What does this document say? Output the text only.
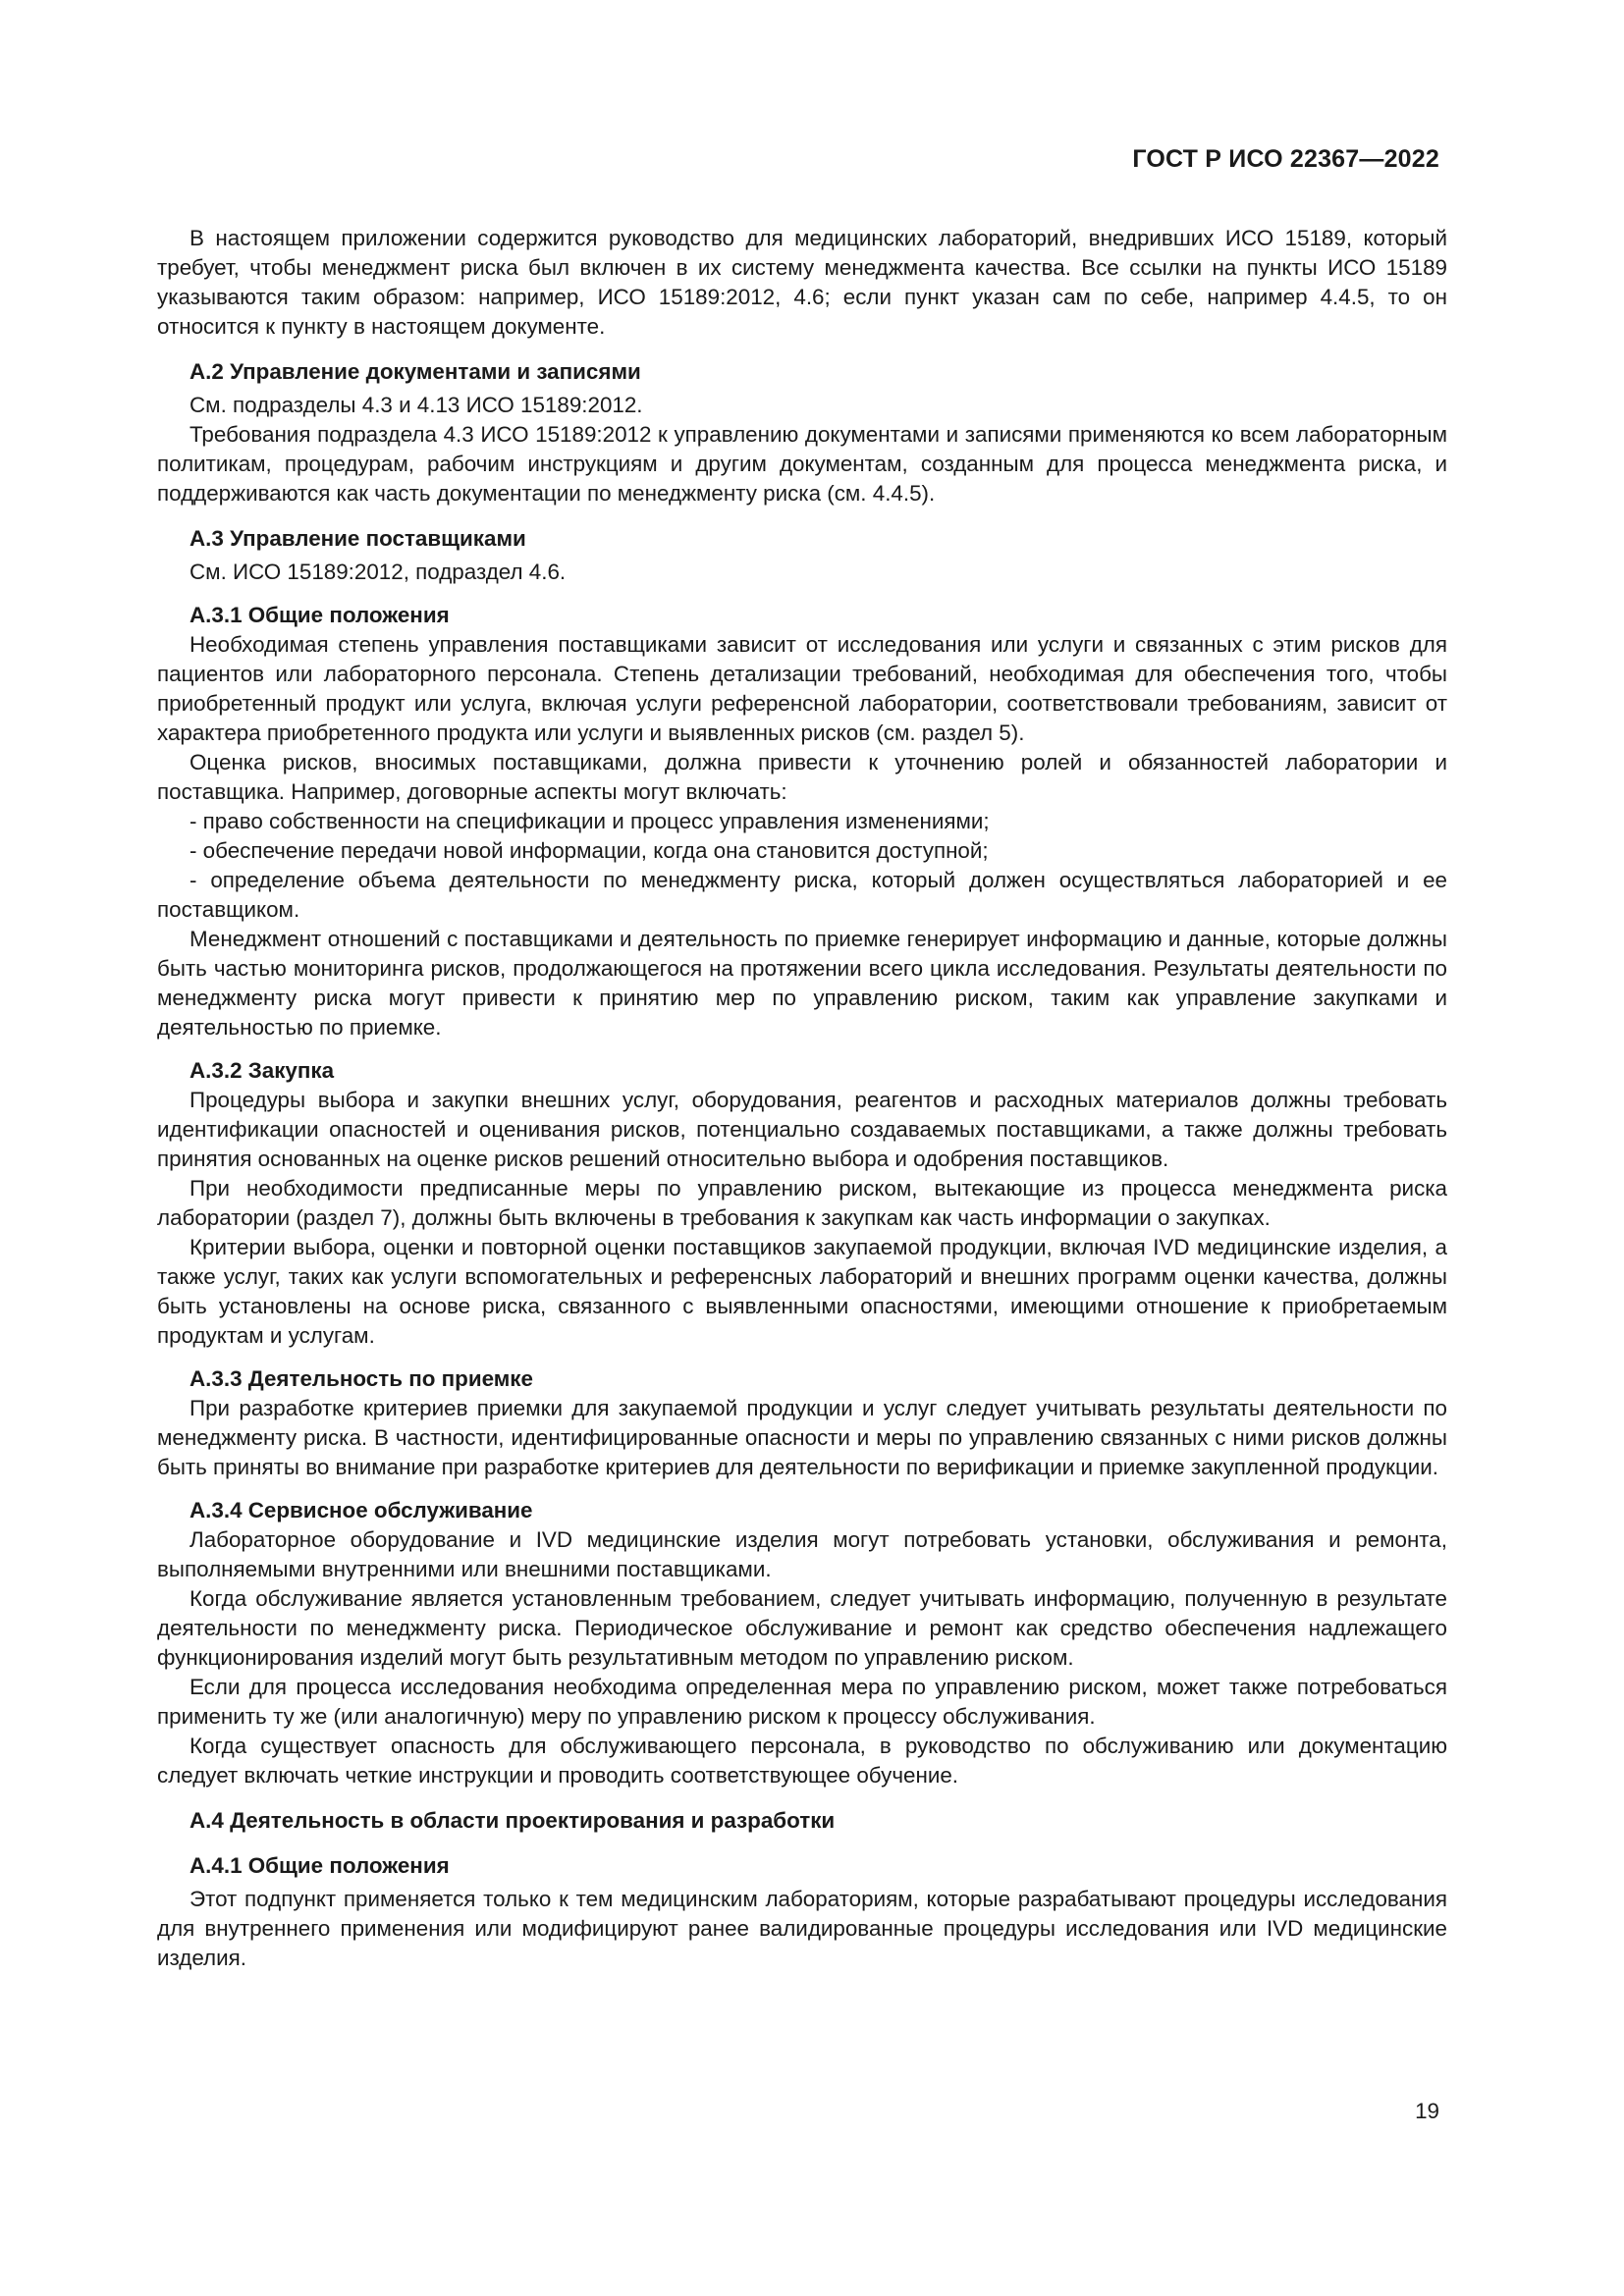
ГОСТ Р ИСО 22367—2022

В настоящем приложении содержится руководство для медицинских лабораторий, внедривших ИСО 15189, который требует, чтобы менеджмент риска был включен в их систему менеджмента качества. Все ссылки на пункты ИСО 15189 указываются таким образом: например, ИСО 15189:2012, 4.6; если пункт указан сам по себе, например 4.4.5, то он относится к пункту в настоящем документе.

А.2 Управление документами и записями

См. подразделы 4.3 и 4.13 ИСО 15189:2012.

Требования подраздела 4.3 ИСО 15189:2012 к управлению документами и записями применяются ко всем лабораторным политикам, процедурам, рабочим инструкциям и другим документам, созданным для процесса менеджмента риска, и поддерживаются как часть документации по менеджменту риска (см. 4.4.5).

А.3 Управление поставщиками

См. ИСО 15189:2012, подраздел 4.6.

А.3.1 Общие положения

Необходимая степень управления поставщиками зависит от исследования или услуги и связанных с этим рисков для пациентов или лабораторного персонала. Степень детализации требований, необходимая для обеспечения того, чтобы приобретенный продукт или услуга, включая услуги референсной лаборатории, соответствовали требованиям, зависит от характера приобретенного продукта или услуги и выявленных рисков (см. раздел 5).

Оценка рисков, вносимых поставщиками, должна привести к уточнению ролей и обязанностей лаборатории и поставщика. Например, договорные аспекты могут включать:

- право собственности на спецификации и процесс управления изменениями;

- обеспечение передачи новой информации, когда она становится доступной;

- определение объема деятельности по менеджменту риска, который должен осуществляться лабораторией и ее поставщиком.

Менеджмент отношений с поставщиками и деятельность по приемке генерирует информацию и данные, которые должны быть частью мониторинга рисков, продолжающегося на протяжении всего цикла исследования. Результаты деятельности по менеджменту риска могут привести к принятию мер по управлению риском, таким как управление закупками и деятельностью по приемке.

А.3.2 Закупка

Процедуры выбора и закупки внешних услуг, оборудования, реагентов и расходных материалов должны требовать идентификации опасностей и оценивания рисков, потенциально создаваемых поставщиками, а также должны требовать принятия основанных на оценке рисков решений относительно выбора и одобрения поставщиков.

При необходимости предписанные меры по управлению риском, вытекающие из процесса менеджмента риска лаборатории (раздел 7), должны быть включены в требования к закупкам как часть информации о закупках.

Критерии выбора, оценки и повторной оценки поставщиков закупаемой продукции, включая IVD медицинские изделия, а также услуг, таких как услуги вспомогательных и референсных лабораторий и внешних программ оценки качества, должны быть установлены на основе риска, связанного с выявленными опасностями, имеющими отношение к приобретаемым продуктам и услугам.

А.3.3 Деятельность по приемке

При разработке критериев приемки для закупаемой продукции и услуг следует учитывать результаты деятельности по менеджменту риска. В частности, идентифицированные опасности и меры по управлению связанных с ними рисков должны быть приняты во внимание при разработке критериев для деятельности по верификации и приемке закупленной продукции.

А.3.4 Сервисное обслуживание

Лабораторное оборудование и IVD медицинские изделия могут потребовать установки, обслуживания и ремонта, выполняемыми внутренними или внешними поставщиками.

Когда обслуживание является установленным требованием, следует учитывать информацию, полученную в результате деятельности по менеджменту риска. Периодическое обслуживание и ремонт как средство обеспечения надлежащего функционирования изделий могут быть результативным методом по управлению риском.

Если для процесса исследования необходима определенная мера по управлению риском, может также потребоваться применить ту же (или аналогичную) меру по управлению риском к процессу обслуживания.

Когда существует опасность для обслуживающего персонала, в руководство по обслуживанию или документацию следует включать четкие инструкции и проводить соответствующее обучение.

А.4 Деятельность в области проектирования и разработки
А.4.1 Общие положения

Этот подпункт применяется только к тем медицинским лабораториям, которые разрабатывают процедуры исследования для внутреннего применения или модифицируют ранее валидированные процедуры исследования или IVD медицинские изделия.

19
